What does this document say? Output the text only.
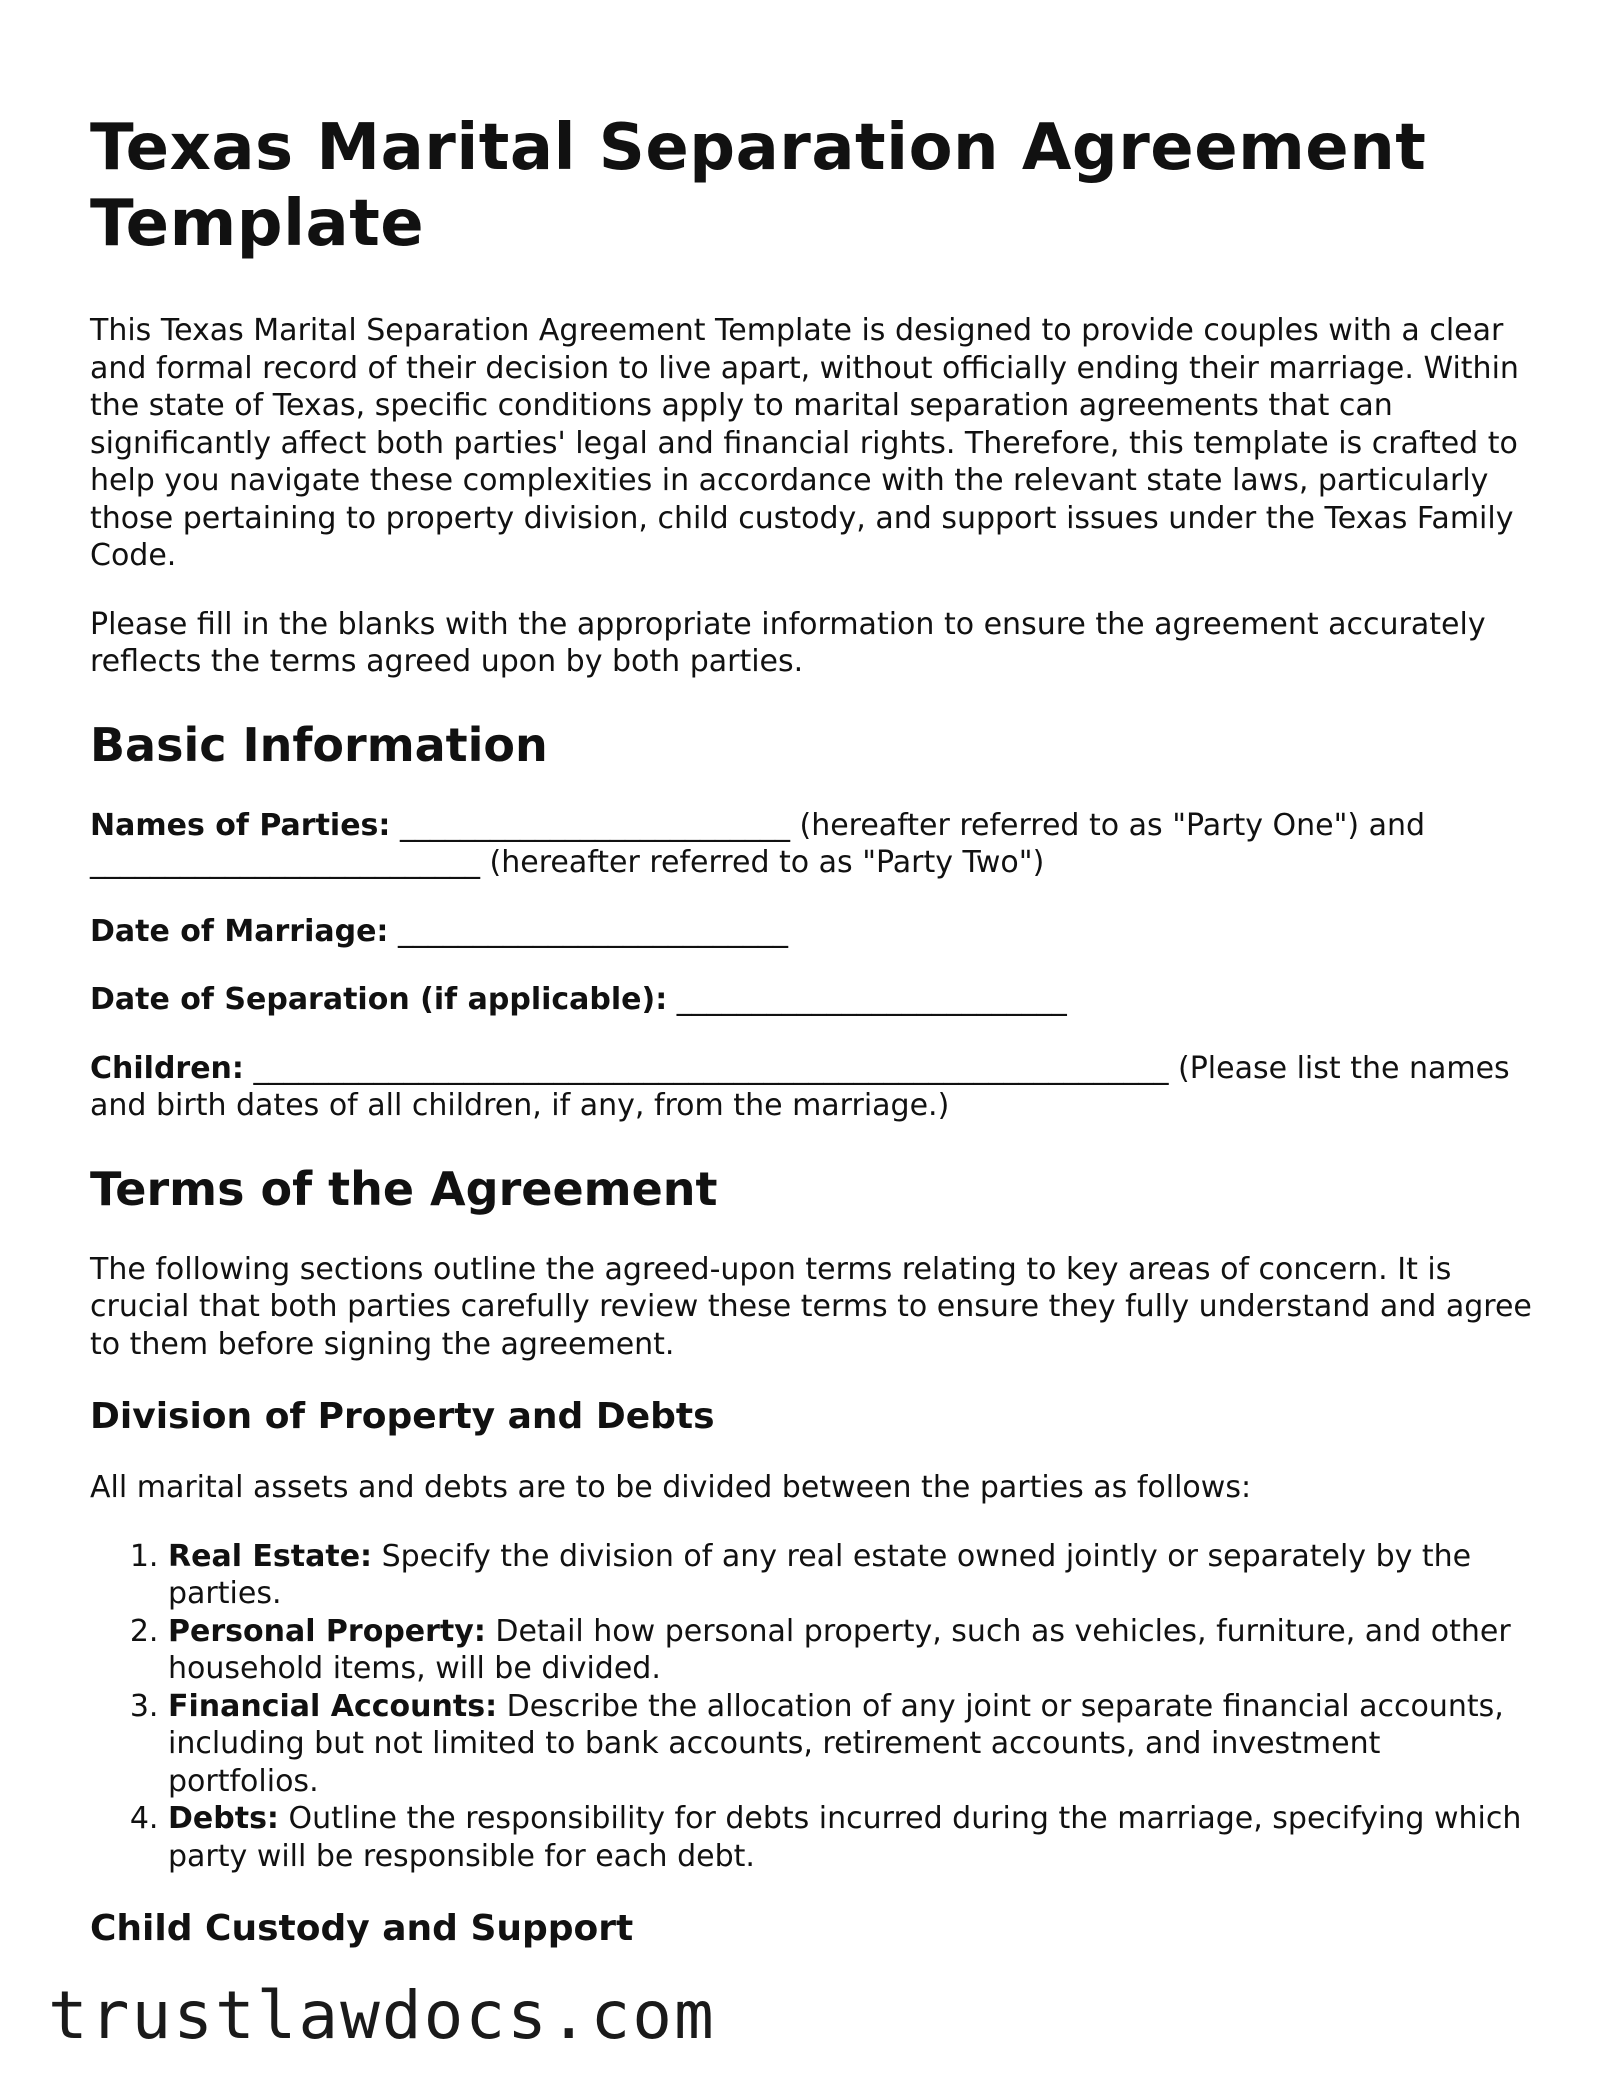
Texas Marital Separation Agreement Template

This Texas Marital Separation Agreement Template is designed to provide couples with a clear and formal record of their decision to live apart, without officially ending their marriage. Within the state of Texas, specific conditions apply to marital separation agreements that can significantly affect both parties' legal and financial rights. Therefore, this template is crafted to help you navigate these complexities in accordance with the relevant state laws, particularly those pertaining to property division, child custody, and support issues under the Texas Family Code.

Please fill in the blanks with the appropriate information to ensure the agreement accurately reflects the terms agreed upon by both parties.

Basic Information
Names of Parties: __________________________ (hereafter referred to as "Party One") and __________________________ (hereafter referred to as "Party Two")
Date of Marriage: __________________________
Date of Separation (if applicable): __________________________
Children: _____________________________________________________________ (Please list the names and birth dates of all children, if any, from the marriage.)
Terms of the Agreement

The following sections outline the agreed-upon terms relating to key areas of concern. It is crucial that both parties carefully review these terms to ensure they fully understand and agree to them before signing the agreement.

Division of Property and Debts

All marital assets and debts are to be divided between the parties as follows:

1. Real Estate: Specify the division of any real estate owned jointly or separately by the parties.
2. Personal Property: Detail how personal property, such as vehicles, furniture, and other household items, will be divided.
3. Financial Accounts: Describe the allocation of any joint or separate financial accounts, including but not limited to bank accounts, retirement accounts, and investment portfolios.
4. Debts: Outline the responsibility for debts incurred during the marriage, specifying which party will be responsible for each debt.
Child Custody and Support
trustlawdocs.com
